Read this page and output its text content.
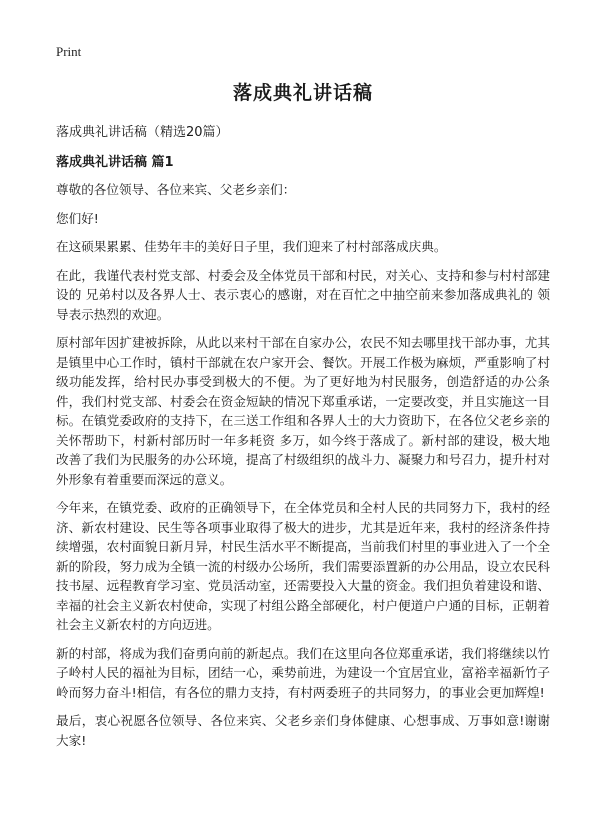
Print
落成典礼讲话稿

落成典礼讲话稿（精选20篇）

落成典礼讲话稿 篇1

尊敬的各位领导、各位来宾、父老乡亲们：

您们好!

在这硕果累累、佳势年丰的美好日子里，我们迎来了村村部落成庆典。

在此，我谨代表村党支部、村委会及全体党员干部和村民，对关心、支持和参与村村部建设的 兄弟村以及各界人士、表示衷心的感谢，对在百忙之中抽空前来参加落成典礼的 领导表示热烈的欢迎。

原村部年因扩建被拆除，从此以来村干部在自家办公，农民不知去哪里找干部办事，尤其是镇里中心工作时，镇村干部就在农户家开会、餐饮。开展工作极为麻烦，严重影响了村级功能发挥，给村民办事受到极大的不便。为了更好地为村民服务，创造舒适的办公条件，我们村党支部、村委会在资金短缺的情况下郑重承诺，一定要改变，并且实施这一目标。在镇党委政府的支持下，在三送工作组和各界人士的大力资助下，在各位父老乡亲的关怀帮助下，村新村部历时一年多耗资 多万，如今终于落成了。新村部的建设，极大地改善了我们为民服务的办公环境，提高了村级组织的战斗力、凝聚力和号召力，提升村对外形象有着重要而深远的意义。

今年来，在镇党委、政府的正确领导下，在全体党员和全村人民的共同努力下，我村的经济、新农村建设、民生等各项事业取得了极大的进步，尤其是近年来，我村的经济条件持续增强，农村面貌日新月异，村民生活水平不断提高，当前我们村里的事业进入了一个全新的阶段，努力成为全镇一流的村级办公场所，我们需要添置新的办公用品，设立农民科技书屋、远程教育学习室、党员活动室，还需要投入大量的资金。我们担负着建设和谐、幸福的社会主义新农村使命，实现了村组公路全部硬化，村户便道户户通的目标，正朝着社会主义新农村的方向迈进。

新的村部，将成为我们奋勇向前的新起点。我们在这里向各位郑重承诺，我们将继续以竹子岭村人民的福祉为目标，团结一心，乘势前进，为建设一个宜居宜业，富裕幸福新竹子岭而努力奋斗!相信，有各位的鼎力支持，有村两委班子的共同努力，的事业会更加辉煌!

最后，衷心祝愿各位领导、各位来宾、父老乡亲们身体健康、心想事成、万事如意!谢谢大家!
